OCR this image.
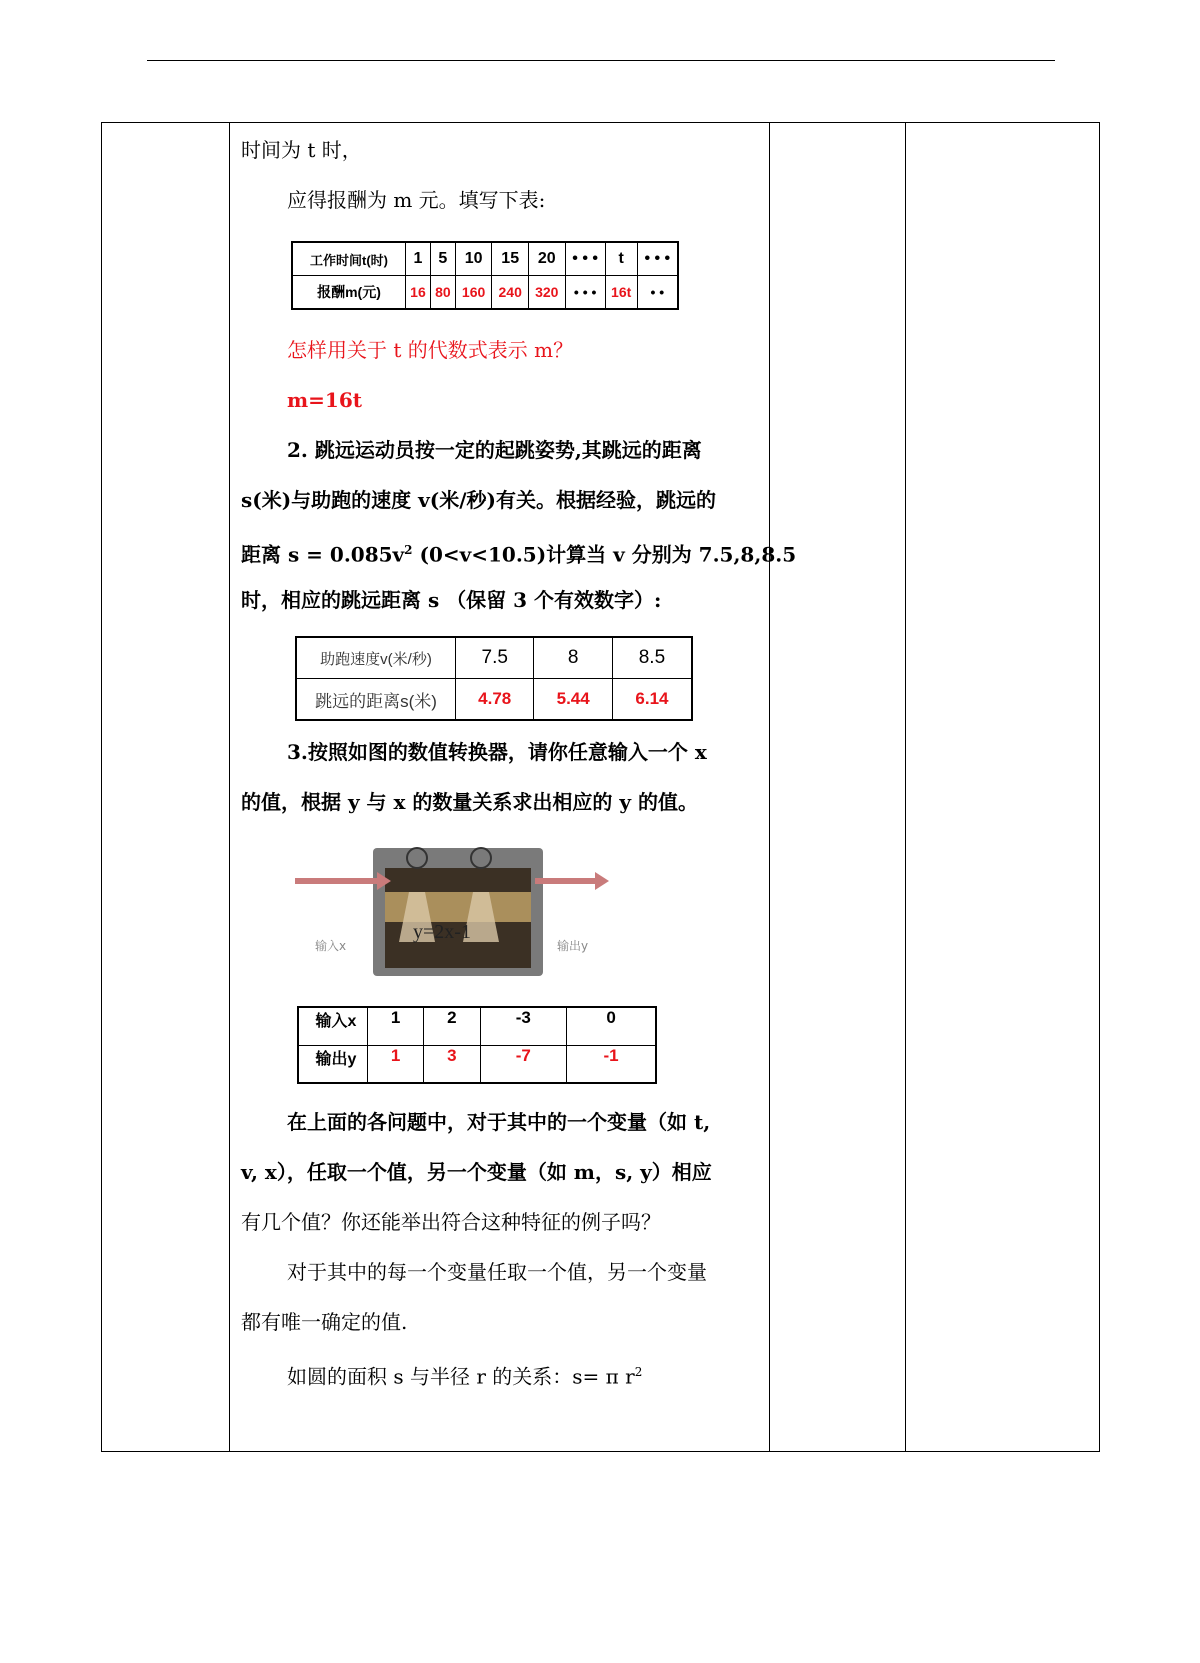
时间为 t 时，
应得报酬为 m 元。填写下表:
工作时间t(时)	1	5	10	15	20	• • •	t	• • •
报酬m(元)	16	80	160	240	320	• • •	16t	• •
怎样用关于 t 的代数式表示 m？
m=16t
2. 跳远运动员按一定的起跳姿势,其跳远的距离
s(米)与助跑的速度 v(米/秒)有关。根据经验，跳远的
距离 $s = 0.085v^2$ (0<v<10.5)计算当 v 分别为 7.5,8,8.5
时，相应的跳远距离 s （保留 3 个有效数字）:
助跑速度v(米/秒)	7.5	8	8.5
跳远的距离s(米)	4.78	5.44	6.14
3.按照如图的数值转换器，请你任意输入一个 x
的值，根据 y 与 x 的数量关系求出相应的 y 的值。
y=2x-1
输入x	输出y
输入x	1	2	-3	0
输出y	1	3	-7	-1
在上面的各问题中，对于其中的一个变量（如 t,
v, x），任取一个值，另一个变量（如 m，s, y）相应
有几个值？你还能举出符合这种特征的例子吗？
对于其中的每一个变量任取一个值，另一个变量
都有唯一确定的值.
如圆的面积 s 与半径 r 的关系：s= π $r^2$
